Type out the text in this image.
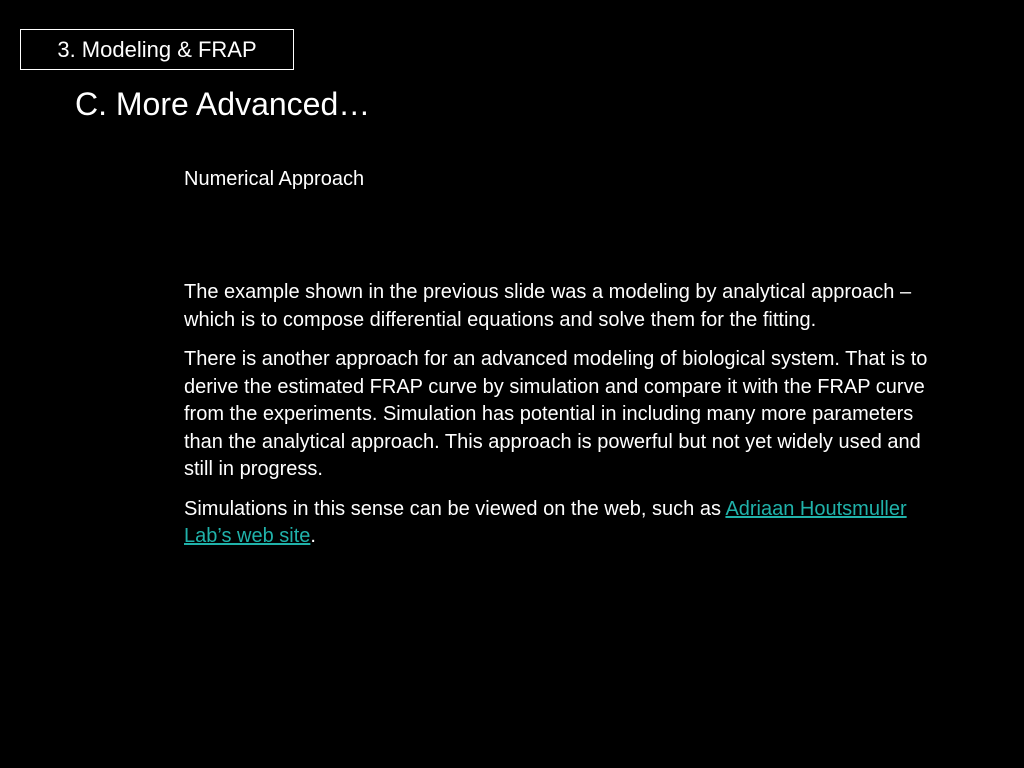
3. Modeling & FRAP
C. More Advanced…
Numerical Approach

The example shown in the previous slide was a modeling by analytical approach – which is to compose differential equations and solve them for the fitting.

There is another approach for an advanced modeling of biological system. That is to derive the estimated FRAP curve by simulation and compare it with the FRAP curve from the experiments. Simulation has potential in including many more parameters than the analytical approach. This approach is powerful but not yet widely used and still in progress.

Simulations in this sense can be viewed on the web, such as Adriaan Houtsmuller Lab’s web site.
